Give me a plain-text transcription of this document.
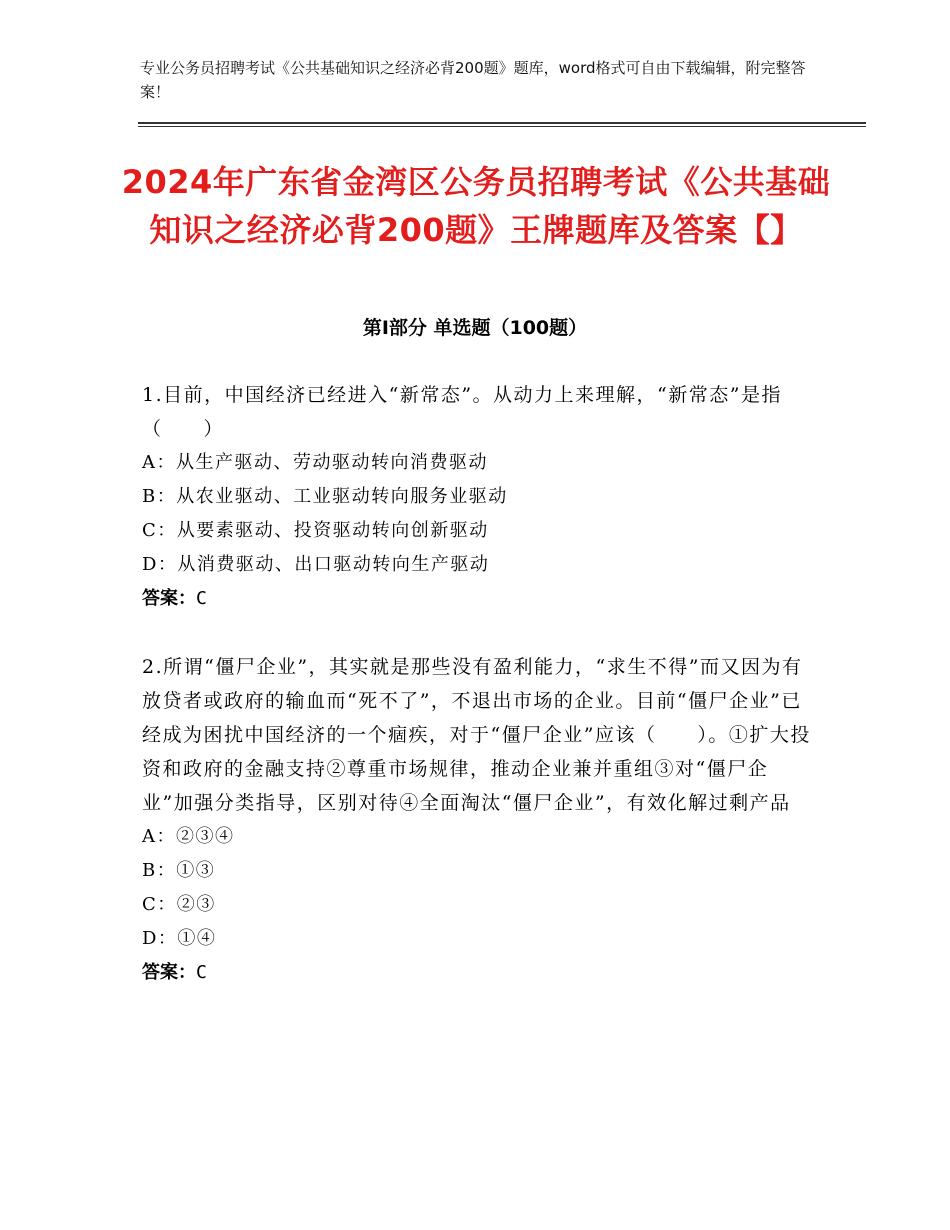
专业公务员招聘考试《公共基础知识之经济必背200题》题库，word格式可自由下载编辑，附完整答案！
2024年广东省金湾区公务员招聘考试《公共基础知识之经济必背200题》王牌题库及答案【】
第Ⅰ部分 单选题（100题）
1.目前，中国经济已经进入“新常态”。从动力上来理解，“新常态”是指（　　）
A：从生产驱动、劳动驱动转向消费驱动
B：从农业驱动、工业驱动转向服务业驱动
C：从要素驱动、投资驱动转向创新驱动
D：从消费驱动、出口驱动转向生产驱动
答案：C
2.所谓“僵尸企业”，其实就是那些没有盈利能力，“求生不得”而又因为有放贷者或政府的输血而“死不了”，不退出市场的企业。目前“僵尸企业”已经成为困扰中国经济的一个痼疾，对于“僵尸企业”应该（　　）。①扩大投资和政府的金融支持②尊重市场规律，推动企业兼并重组③对“僵尸企业”加强分类指导，区别对待④全面淘汰“僵尸企业”，有效化解过剩产品
A：②③④
B：①③
C：②③
D：①④
答案：C
